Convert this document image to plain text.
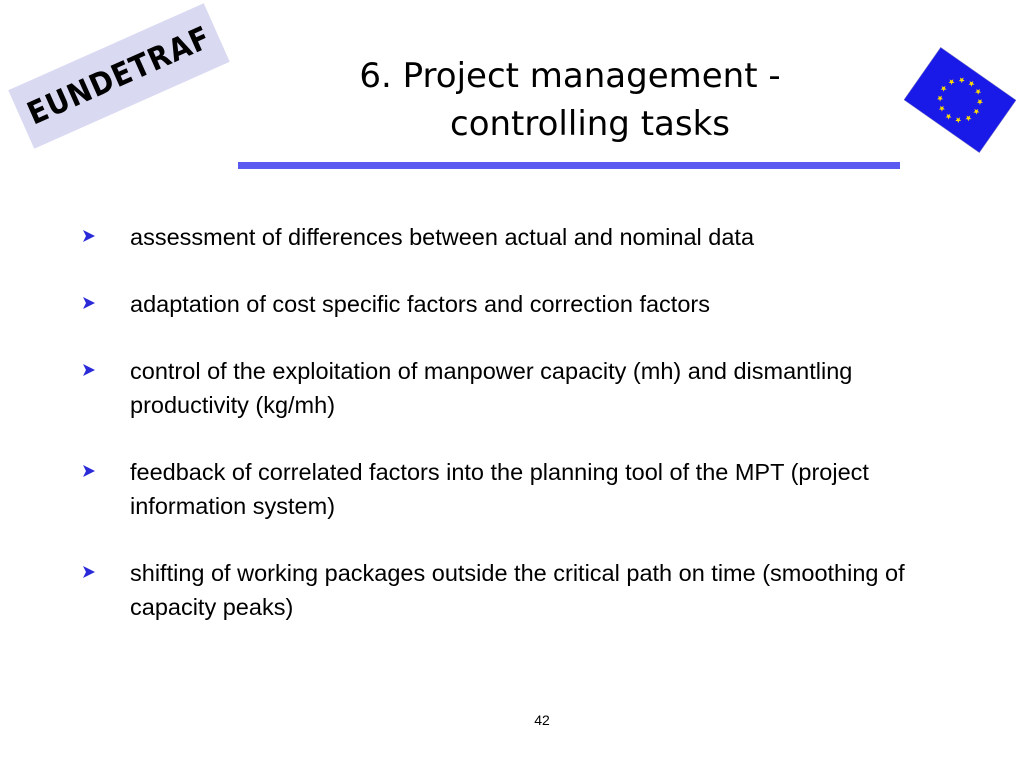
EUNDETRAF	6. Project management -
controlling tasks
assessment of differences between actual and nominal data
adaptation of cost specific factors and correction factors
control of the exploitation of manpower capacity (mh) and dismantling productivity (kg/mh)
feedback of correlated factors into the planning tool of the MPT (project information system)
shifting of working packages outside the critical path on time (smoothing of capacity peaks)
42
